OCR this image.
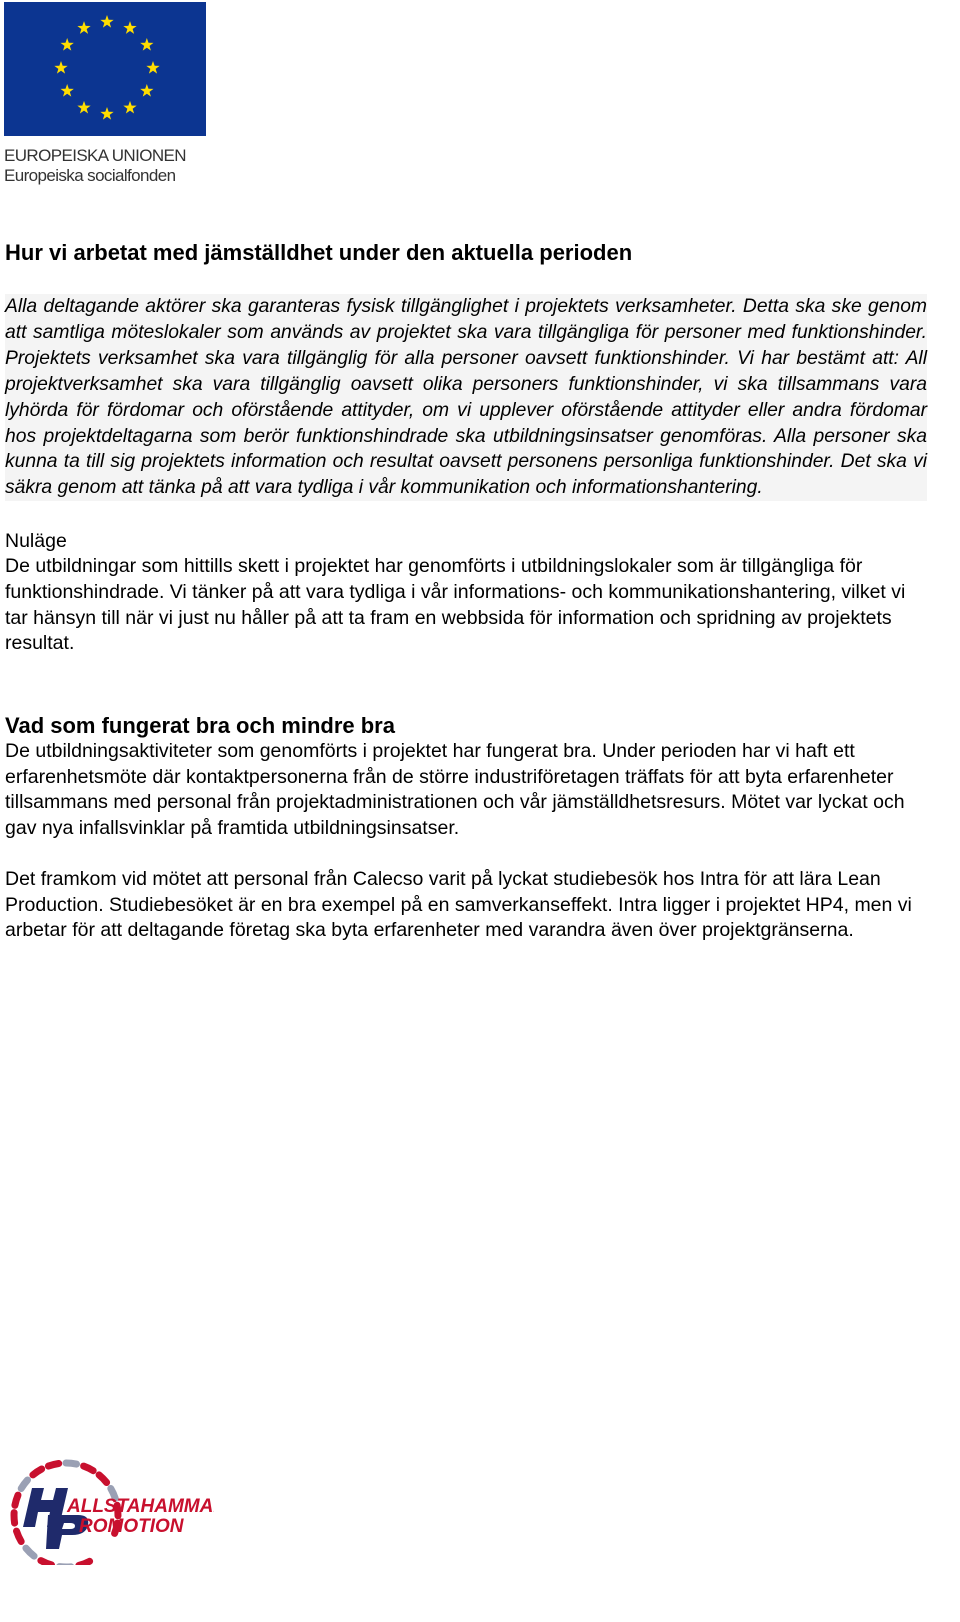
EUROPEISKA UNIONEN
Europeiska socialfonden
Hur vi arbetat med jämställdhet under den aktuella perioden
Alla deltagande aktörer ska garanteras fysisk tillgänglighet i projektets verksamheter. Detta ska ske genom att samtliga möteslokaler som används av projektet ska vara tillgängliga för personer med funktionshinder. Projektets verksamhet ska vara tillgänglig för alla personer oavsett funktionshinder. Vi har bestämt att: All projektverksamhet ska vara tillgänglig oavsett olika personers funktionshinder, vi ska tillsammans vara lyhörda för fördomar och oförstående attityder, om vi upplever oförstående attityder eller andra fördomar hos projektdeltagarna som berör funktionshindrade ska utbildningsinsatser genomföras. Alla personer ska kunna ta till sig projektets information och resultat oavsett personens personliga funktionshinder. Det ska vi säkra genom att tänka på att vara tydliga i vår kommunikation och informationshantering.
Nuläge

De utbildningar som hittills skett i projektet har genomförts i utbildningslokaler som är tillgängliga för funktionshindrade. Vi tänker på att vara tydliga i vår informations- och kommunikationshantering, vilket vi tar hänsyn till när vi just nu håller på att ta fram en webbsida för information och spridning av projektets resultat.

Vad som fungerat bra och mindre bra

De utbildningsaktiviteter som genomförts i projektet har fungerat bra. Under perioden har vi haft ett erfarenhetsmöte där kontaktpersonerna från de större industriföretagen träffats för att byta erfarenheter tillsammans med personal från projektadministrationen och vår jämställdhetsresurs. Mötet var lyckat och gav nya infallsvinklar på framtida utbildningsinsatser.

Det framkom vid mötet att personal från Calecso varit på lyckat studiebesök hos Intra för att lära Lean Production. Studiebesöket är en bra exempel på en samverkanseffekt. Intra ligger i projektet HP4, men vi arbetar för att deltagande företag ska byta erfarenheter med varandra även över projektgränserna.

ALLSTAHAMMAR
ROMOTION
